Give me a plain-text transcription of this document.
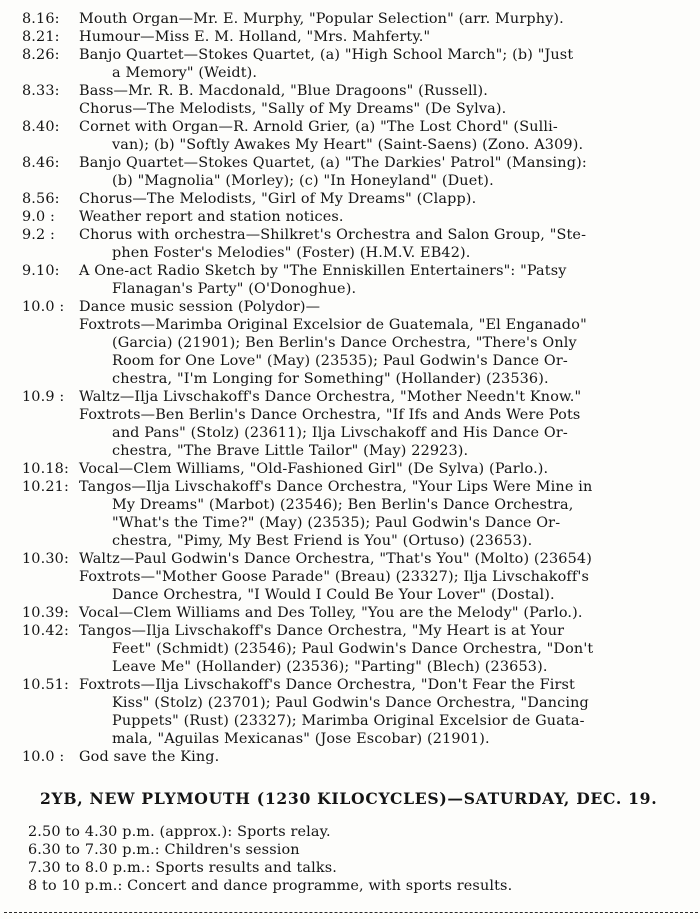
8.16: Mouth Organ—Mr. E. Murphy, "Popular Selection" (arr. Murphy).
8.21: Humour—Miss E. M. Holland, "Mrs. Mahferty."
8.26: Banjo Quartet—Stokes Quartet, (a) "High School March"; (b) "Just
a Memory" (Weidt).
8.33: Bass—Mr. R. B. Macdonald, "Blue Dragoons" (Russell).
Chorus—The Melodists, "Sally of My Dreams" (De Sylva).
8.40: Cornet with Organ—R. Arnold Grier, (a) "The Lost Chord" (Sulli-
van); (b) "Softly Awakes My Heart" (Saint-Saens) (Zono. A309).
8.46: Banjo Quartet—Stokes Quartet, (a) "The Darkies' Patrol" (Mansing):
(b) "Magnolia" (Morley); (c) "In Honeyland" (Duet).
8.56: Chorus—The Melodists, "Girl of My Dreams" (Clapp).
9.0 : Weather report and station notices.
9.2 : Chorus with orchestra—Shilkret's Orchestra and Salon Group, "Ste-
phen Foster's Melodies" (Foster) (H.M.V. EB42).
9.10: A One-act Radio Sketch by "The Enniskillen Entertainers": "Patsy
Flanagan's Party" (O'Donoghue).
10.0 : Dance music session (Polydor)—
Foxtrots—Marimba Original Excelsior de Guatemala, "El Enganado"
(Garcia) (21901); Ben Berlin's Dance Orchestra, "There's Only
Room for One Love" (May) (23535); Paul Godwin's Dance Or-
chestra, "I'm Longing for Something" (Hollander) (23536).
10.9 : Waltz—Ilja Livschakoff's Dance Orchestra, "Mother Needn't Know."
Foxtrots—Ben Berlin's Dance Orchestra, "If Ifs and Ands Were Pots
and Pans" (Stolz) (23611); Ilja Livschakoff and His Dance Or-
chestra, "The Brave Little Tailor" (May) 22923).
10.18: Vocal—Clem Williams, "Old-Fashioned Girl" (De Sylva) (Parlo.).
10.21: Tangos—Ilja Livschakoff's Dance Orchestra, "Your Lips Were Mine in
My Dreams" (Marbot) (23546); Ben Berlin's Dance Orchestra,
"What's the Time?" (May) (23535); Paul Godwin's Dance Or-
chestra, "Pimy, My Best Friend is You" (Ortuso) (23653).
10.30: Waltz—Paul Godwin's Dance Orchestra, "That's You" (Molto) (23654)
Foxtrots—"Mother Goose Parade" (Breau) (23327); Ilja Livschakoff's
Dance Orchestra, "I Would I Could Be Your Lover" (Dostal).
10.39: Vocal—Clem Williams and Des Tolley, "You are the Melody" (Parlo.).
10.42: Tangos—Ilja Livschakoff's Dance Orchestra, "My Heart is at Your
Feet" (Schmidt) (23546); Paul Godwin's Dance Orchestra, "Don't
Leave Me" (Hollander) (23536); "Parting" (Blech) (23653).
10.51: Foxtrots—Ilja Livschakoff's Dance Orchestra, "Don't Fear the First
Kiss" (Stolz) (23701); Paul Godwin's Dance Orchestra, "Dancing
Puppets" (Rust) (23327); Marimba Original Excelsior de Guata-
mala, "Aguilas Mexicanas" (Jose Escobar) (21901).
10.0 : God save the King.
2YB, NEW PLYMOUTH (1230 KILOCYCLES)—SATURDAY, DEC. 19.
2.50 to 4.30 p.m. (approx.): Sports relay.
6.30 to 7.30 p.m.: Children's session
7.30 to 8.0 p.m.: Sports results and talks.
8 to 10 p.m.: Concert and dance programme, with sports results.
